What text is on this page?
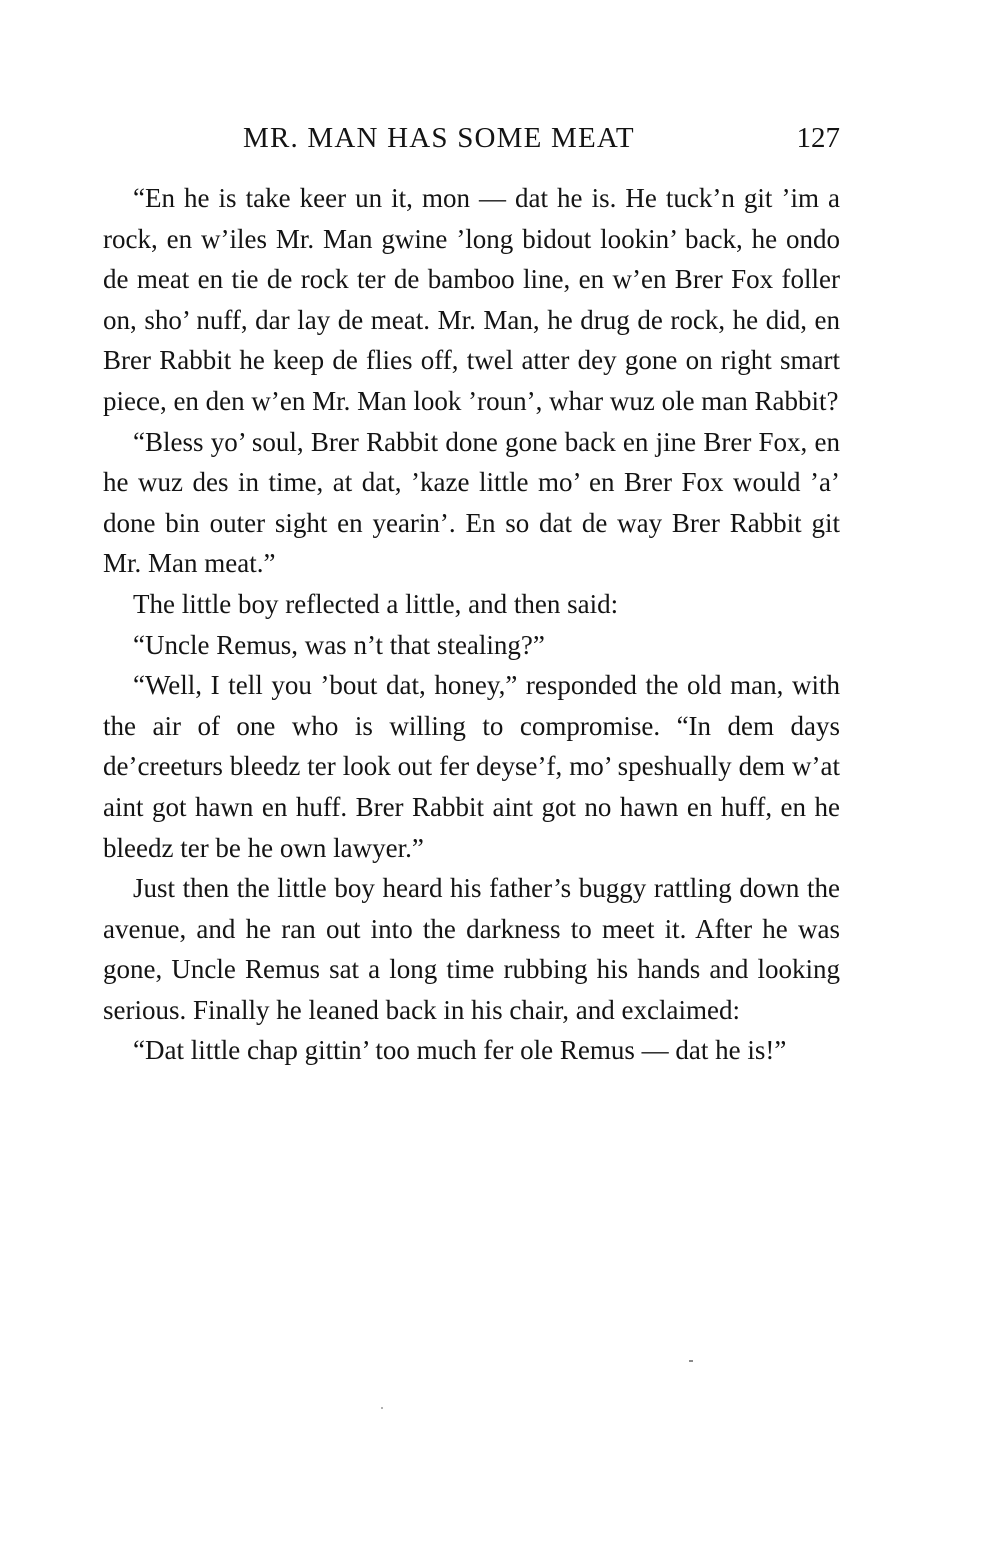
MR. MAN HAS SOME MEAT	127

“En he is take keer un it, mon — dat he is. He tuck’n git ’im a rock, en w’iles Mr. Man gwine ’long bidout lookin’ back, he ondo de meat en tie de rock ter de bamboo line, en w’en Brer Fox foller on, sho’ nuff, dar lay de meat. Mr. Man, he drug de rock, he did, en Brer Rabbit he keep de flies off, twel atter dey gone on right smart piece, en den w’en Mr. Man look ’roun’, whar wuz ole man Rabbit?

“Bless yo’ soul, Brer Rabbit done gone back en jine Brer Fox, en he wuz des in time, at dat, ’kaze little mo’ en Brer Fox would ’a’ done bin outer sight en yearin’. En so dat de way Brer Rabbit git Mr. Man meat.”

The little boy reflected a little, and then said:

“Uncle Remus, was n’t that stealing?”

“Well, I tell you ’bout dat, honey,” responded the old man, with the air of one who is willing to compromise. “In dem days de’creeturs bleedz ter look out fer deyse’f, mo’ speshually dem w’at aint got hawn en huff. Brer Rabbit aint got no hawn en huff, en he bleedz ter be he own lawyer.”

Just then the little boy heard his father’s buggy rattling down the avenue, and he ran out into the darkness to meet it. After he was gone, Uncle Remus sat a long time rubbing his hands and looking serious. Finally he leaned back in his chair, and exclaimed:

“Dat little chap gittin’ too much fer ole Remus — dat he is!”
